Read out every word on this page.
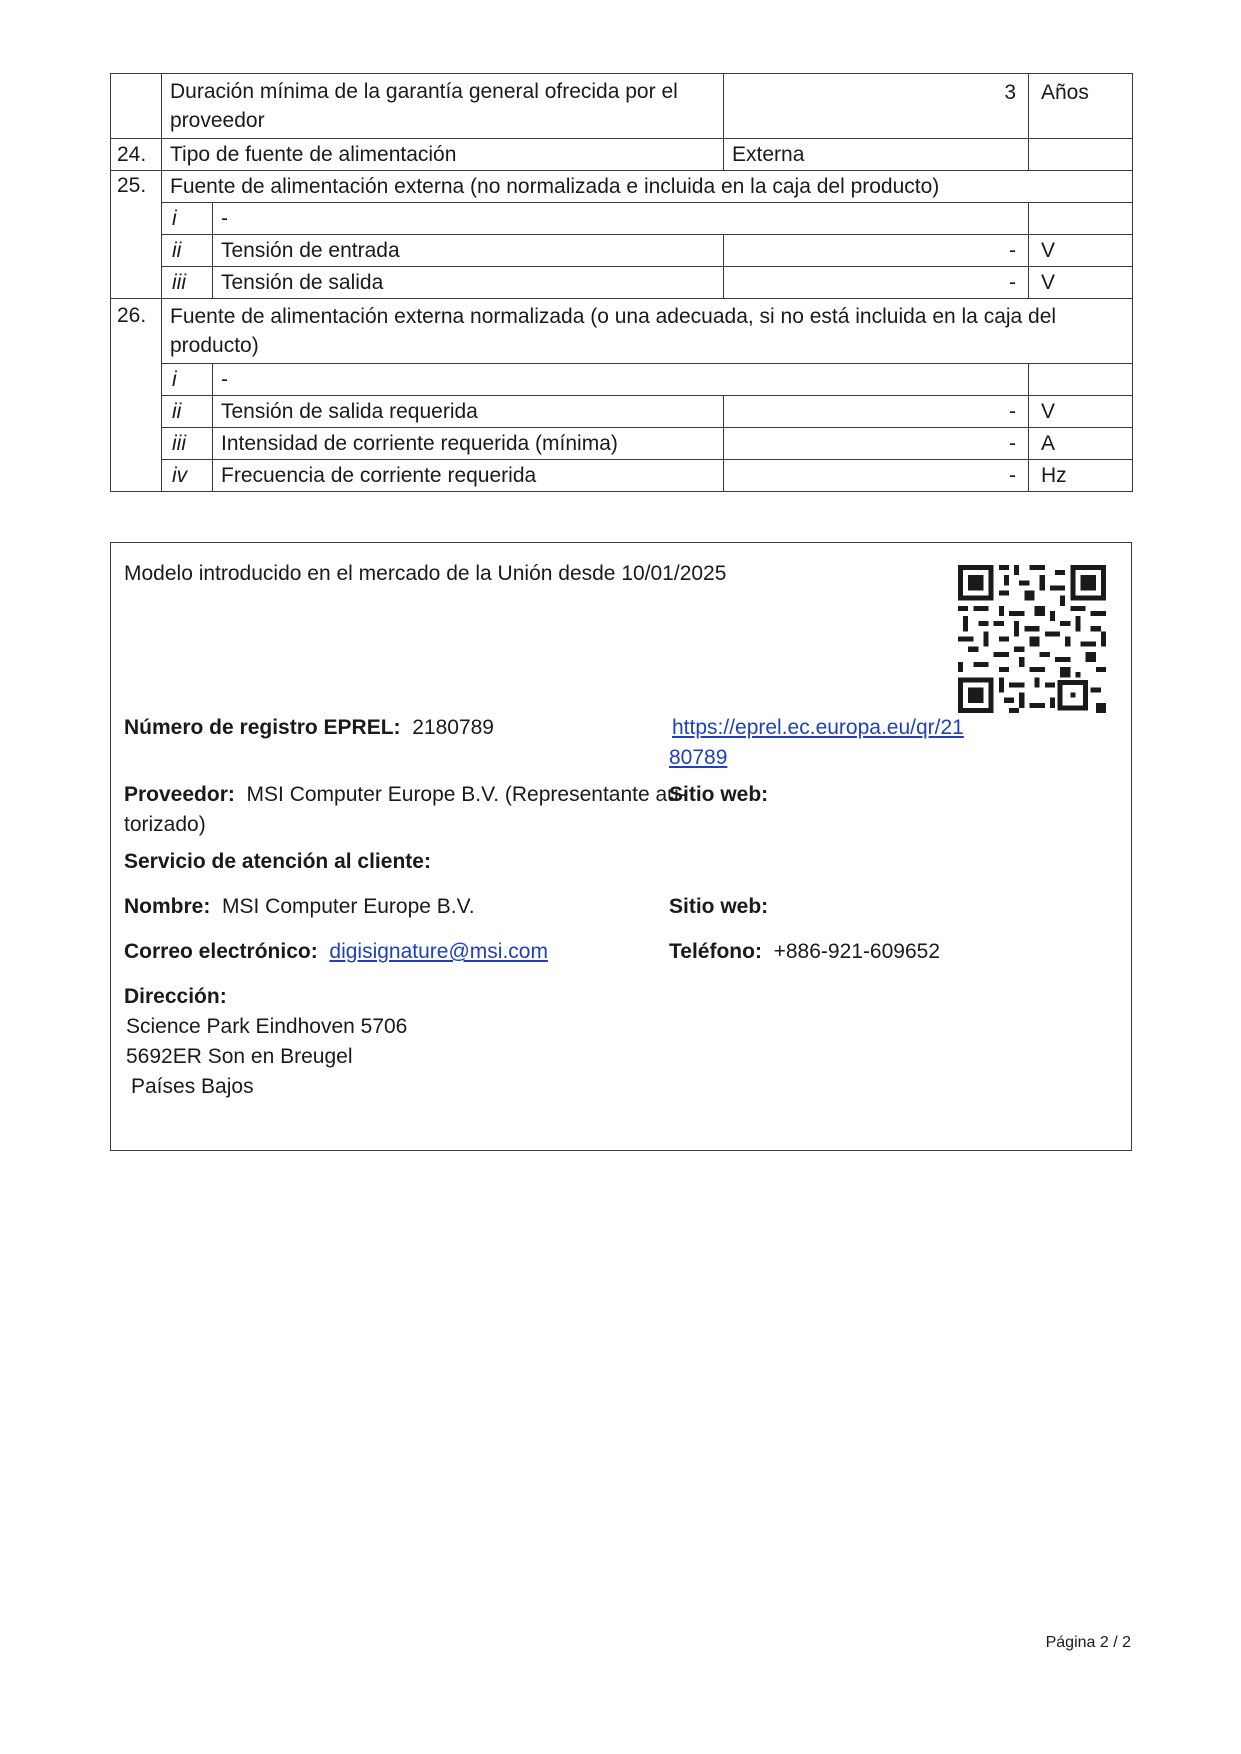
	Duración mínima de la garantía general ofrecida por el proveedor		3	Años
24.	Tipo de fuente de alimentación		Externa	
25.	Fuente de alimentación externa (no normalizada e incluida en la caja del producto)			
	i	-		
	ii	Tensión de entrada	-	V
	iii	Tensión de salida	-	V
26.	Fuente de alimentación externa normalizada (o una adecuada, si no está incluida en la caja del producto)			
	i	-		
	ii	Tensión de salida requerida	-	V
	iii	Intensidad de corriente requerida (mínima)	-	A
	iv	Frecuencia de corriente requerida	-	Hz
Modelo introducido en el mercado de la Unión desde 10/01/2025
Número de registro EPREL: 2180789	https://eprel.ec.europa.eu/qr/21
80789
Proveedor: MSI Computer Europe B.V. (Representante au-
torizado)
Sitio web:
Servicio de atención al cliente:
Nombre: MSI Computer Europe B.V.	Sitio web:
Correo electrónico: digisignature@msi.com	Teléfono: +886-921-609652
Dirección:
Science Park Eindhoven 5706
5692ER Son en Breugel
Países Bajos
Página 2 / 2
